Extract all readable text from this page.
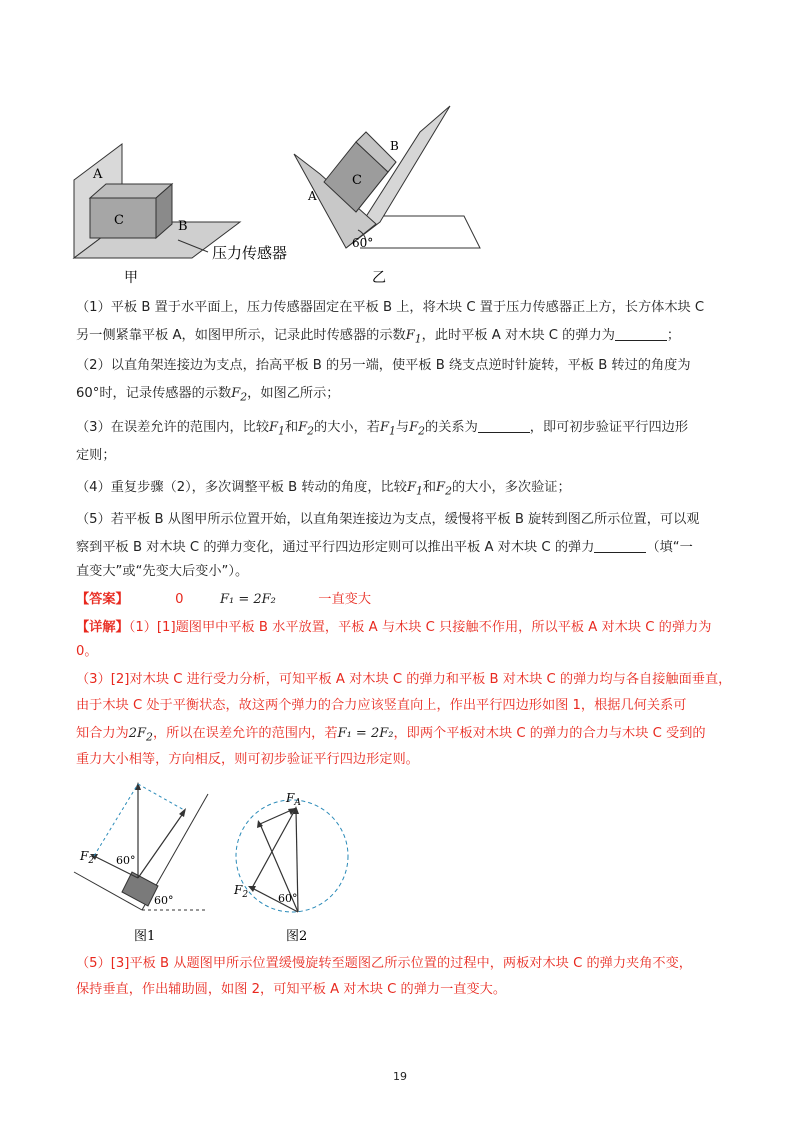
A
B
C
压力传感器
甲
A
B
C
60°
乙
（1）平板 B 置于水平面上，压力传感器固定在平板 B 上，将木块 C 置于压力传感器正上方，长方体木块 C
另一侧紧靠平板 A，如图甲所示，记录此时传感器的示数$F_1$，此时平板 A 对木块 C 的弹力为	；
（2）以直角架连接边为支点，抬高平板 B 的另一端，使平板 B 绕支点逆时针旋转，平板 B 转过的角度为
60°时，记录传感器的示数$F_2$，如图乙所示；
（3）在误差允许的范围内，比较$F_1$和$F_2$的大小，若$F_1$与$F_2$的关系为	，即可初步验证平行四边形
定则；
（4）重复步骤（2），多次调整平板 B 转动的角度，比较$F_1$和$F_2$的大小，多次验证；
（5）若平板 B 从图甲所示位置开始，以直角架连接边为支点，缓慢将平板 B 旋转到图乙所示位置，可以观
察到平板 B 对木块 C 的弹力变化，通过平行四边形定则可以推出平板 A 对木块 C 的弹力	（填“一
直变大”或“先变大后变小”）。
【答案】	0	F₁ = 2F₂	一直变大
【详解】（1）[1]题图甲中平板 B 水平放置，平板 A 与木块 C 只接触不作用，所以平板 A 对木块 C 的弹力为
0。
（3）[2]对木块 C 进行受力分析，可知平板 A 对木块 C 的弹力和平板 B 对木块 C 的弹力均与各自接触面垂直，
由于木块 C 处于平衡状态，故这两个弹力的合力应该竖直向上，作出平行四边形如图 1，根据几何关系可
知合力为$2F_2$，所以在误差允许的范围内，若F₁ = 2F₂，即两个平板对木块 C 的弹力的合力与木块 C 受到的
重力大小相等，方向相反，则可初步验证平行四边形定则。
$F_2$ 60°
60°
图1
$F_A$
$F_2$	60°
图2
（5）[3]平板 B 从题图甲所示位置缓慢旋转至题图乙所示位置的过程中，两板对木块 C 的弹力夹角不变，
保持垂直，作出辅助圆，如图 2，可知平板 A 对木块 C 的弹力一直变大。
19
